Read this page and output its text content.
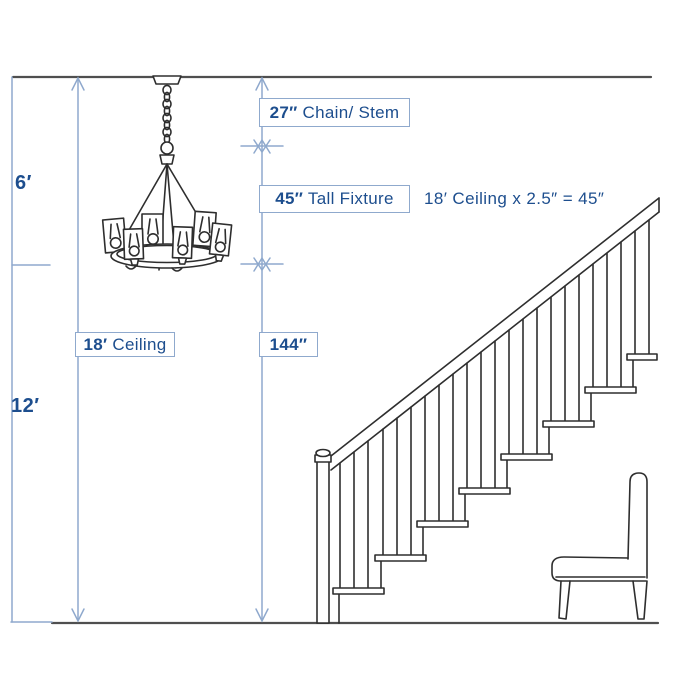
6′
12′
27″ Chain/ Stem
45″ Tall Fixture
18′ Ceiling	144″
18′ Ceiling x 2.5″ = 45″
